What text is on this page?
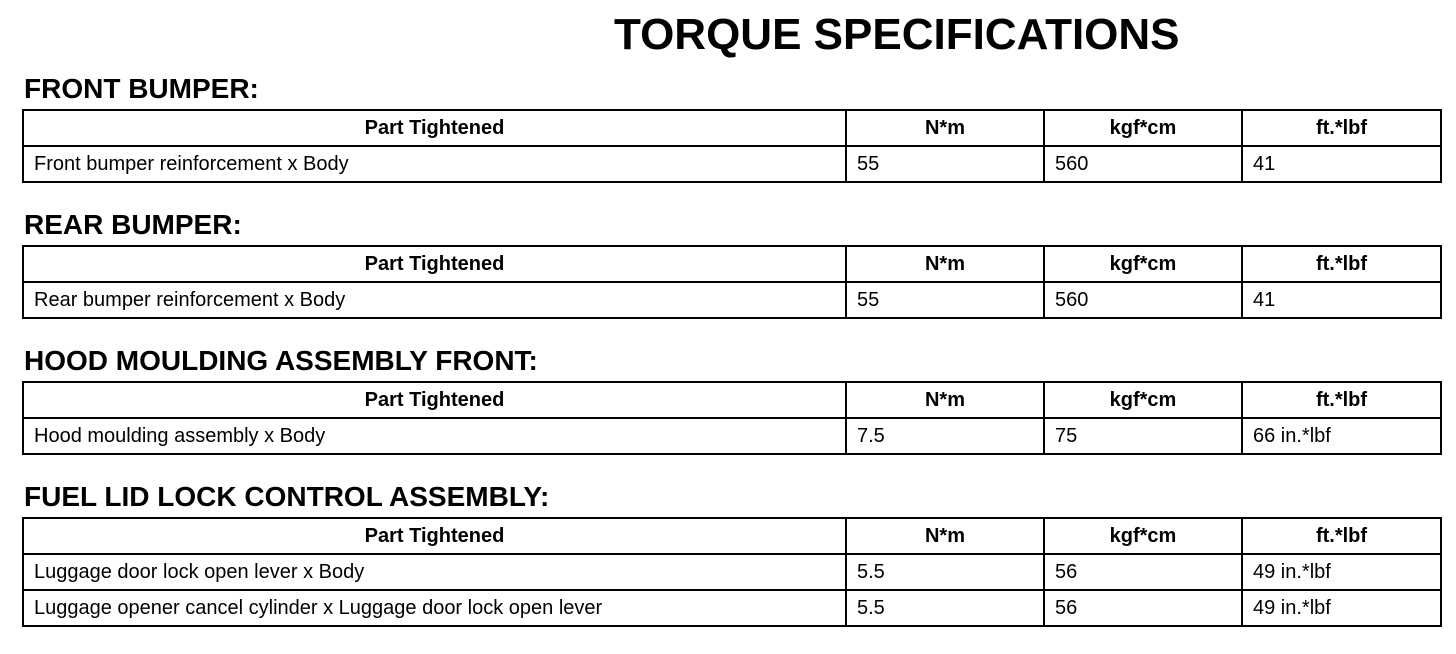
TORQUE SPECIFICATIONS
FRONT BUMPER:
Part Tightened	N*m	kgf*cm	ft.*lbf
Front bumper reinforcement x Body	55	560	41
REAR BUMPER:
Part Tightened	N*m	kgf*cm	ft.*lbf
Rear bumper reinforcement x Body	55	560	41
HOOD MOULDING ASSEMBLY FRONT:
Part Tightened	N*m	kgf*cm	ft.*lbf
Hood moulding assembly x Body	7.5	75	66 in.*lbf
FUEL LID LOCK CONTROL ASSEMBLY:
Part Tightened	N*m	kgf*cm	ft.*lbf
Luggage door lock open lever x Body	5.5	56	49 in.*lbf
Luggage opener cancel cylinder x Luggage door lock open lever	5.5	56	49 in.*lbf
